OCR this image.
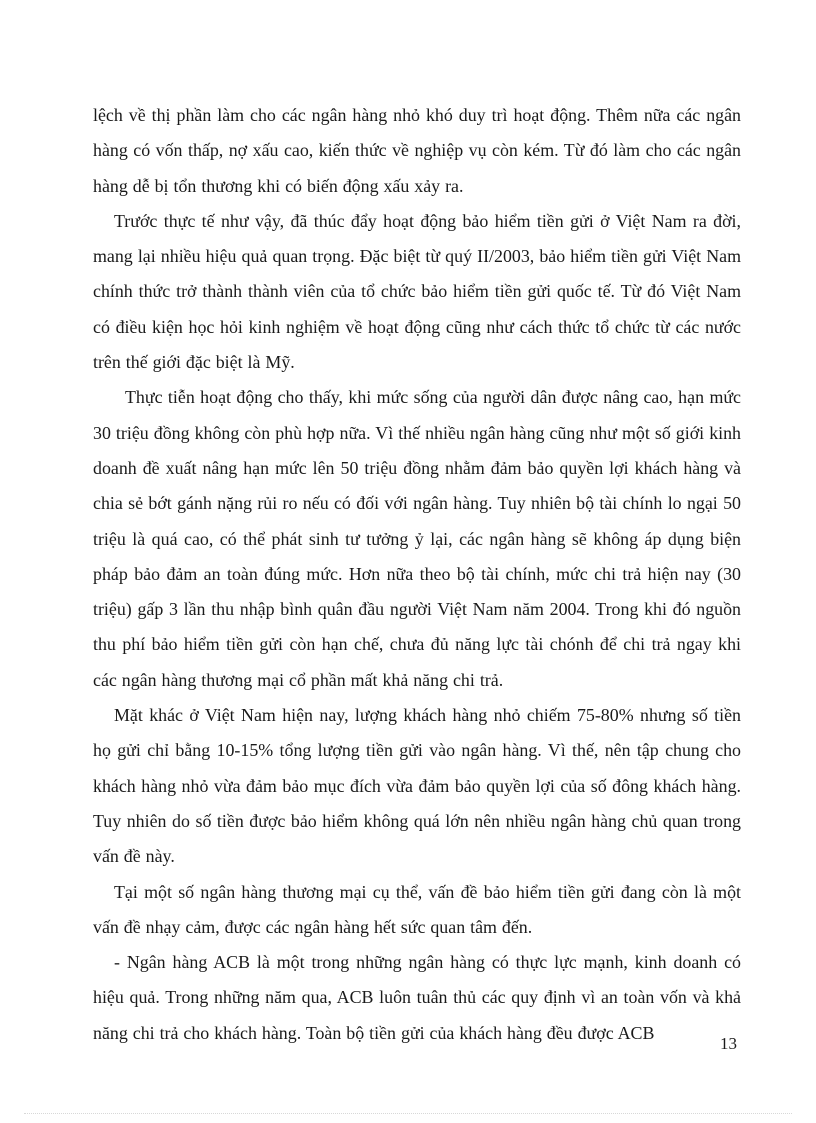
lệch về thị phần làm cho các ngân hàng nhỏ khó duy trì hoạt động. Thêm nữa các ngân hàng có vốn thấp, nợ xấu cao, kiến thức về nghiệp vụ còn kém. Từ đó làm cho các ngân hàng dễ bị tổn thương khi có biến động xấu xảy ra.

Trước thực tế như vậy, đã thúc đẩy hoạt động bảo hiểm tiền gửi ở Việt Nam ra đời, mang lại nhiều hiệu quả quan trọng. Đặc biệt từ quý II/2003, bảo hiểm tiền gửi Việt Nam chính thức trở thành thành viên của tổ chức bảo hiểm tiền gửi quốc tế. Từ đó Việt Nam có điều kiện học hỏi kinh nghiệm về hoạt động cũng như cách thức tổ chức từ các nước trên thế giới đặc biệt là Mỹ.

Thực tiễn hoạt động cho thấy, khi mức sống của người dân được nâng cao, hạn mức 30 triệu đồng không còn phù hợp nữa. Vì thế nhiều ngân hàng cũng như một số giới kinh doanh đề xuất nâng hạn mức lên 50 triệu đồng nhằm đảm bảo quyền lợi khách hàng và chia sẻ bớt gánh nặng rủi ro nếu có đối với ngân hàng. Tuy nhiên bộ tài chính lo ngại 50 triệu là quá cao, có thể phát sinh tư tưởng ỷ lại, các ngân hàng sẽ không áp dụng biện pháp bảo đảm an toàn đúng mức. Hơn nữa theo bộ tài chính, mức chi trả hiện nay (30 triệu) gấp 3 lần thu nhập bình quân đầu người Việt Nam năm 2004. Trong khi đó nguồn thu phí bảo hiểm tiền gửi còn hạn chế, chưa đủ năng lực tài chónh để chi trả ngay khi các ngân hàng thương mại cổ phần mất khả năng chi trả.

Mặt khác ở Việt Nam hiện nay, lượng khách hàng nhỏ chiếm 75-80% nhưng số tiền họ gửi chỉ bằng 10-15% tổng lượng tiền gửi vào ngân hàng. Vì thế, nên tập chung cho khách hàng nhỏ vừa đảm bảo mục đích vừa đảm bảo quyền lợi của số đông khách hàng. Tuy nhiên do số tiền được bảo hiểm không quá lớn nên nhiều ngân hàng chủ quan trong vấn đề này.

Tại một số ngân hàng thương mại cụ thể, vấn đề bảo hiểm tiền gửi đang còn là một vấn đề nhạy cảm, được các ngân hàng hết sức quan tâm đến.

- Ngân hàng ACB là một trong những ngân hàng có thực lực mạnh, kinh doanh có hiệu quả. Trong những năm qua, ACB luôn tuân thủ các quy định vì an toàn vốn và khả năng chi trả cho khách hàng. Toàn bộ tiền gửi của khách hàng đều được ACB

13
